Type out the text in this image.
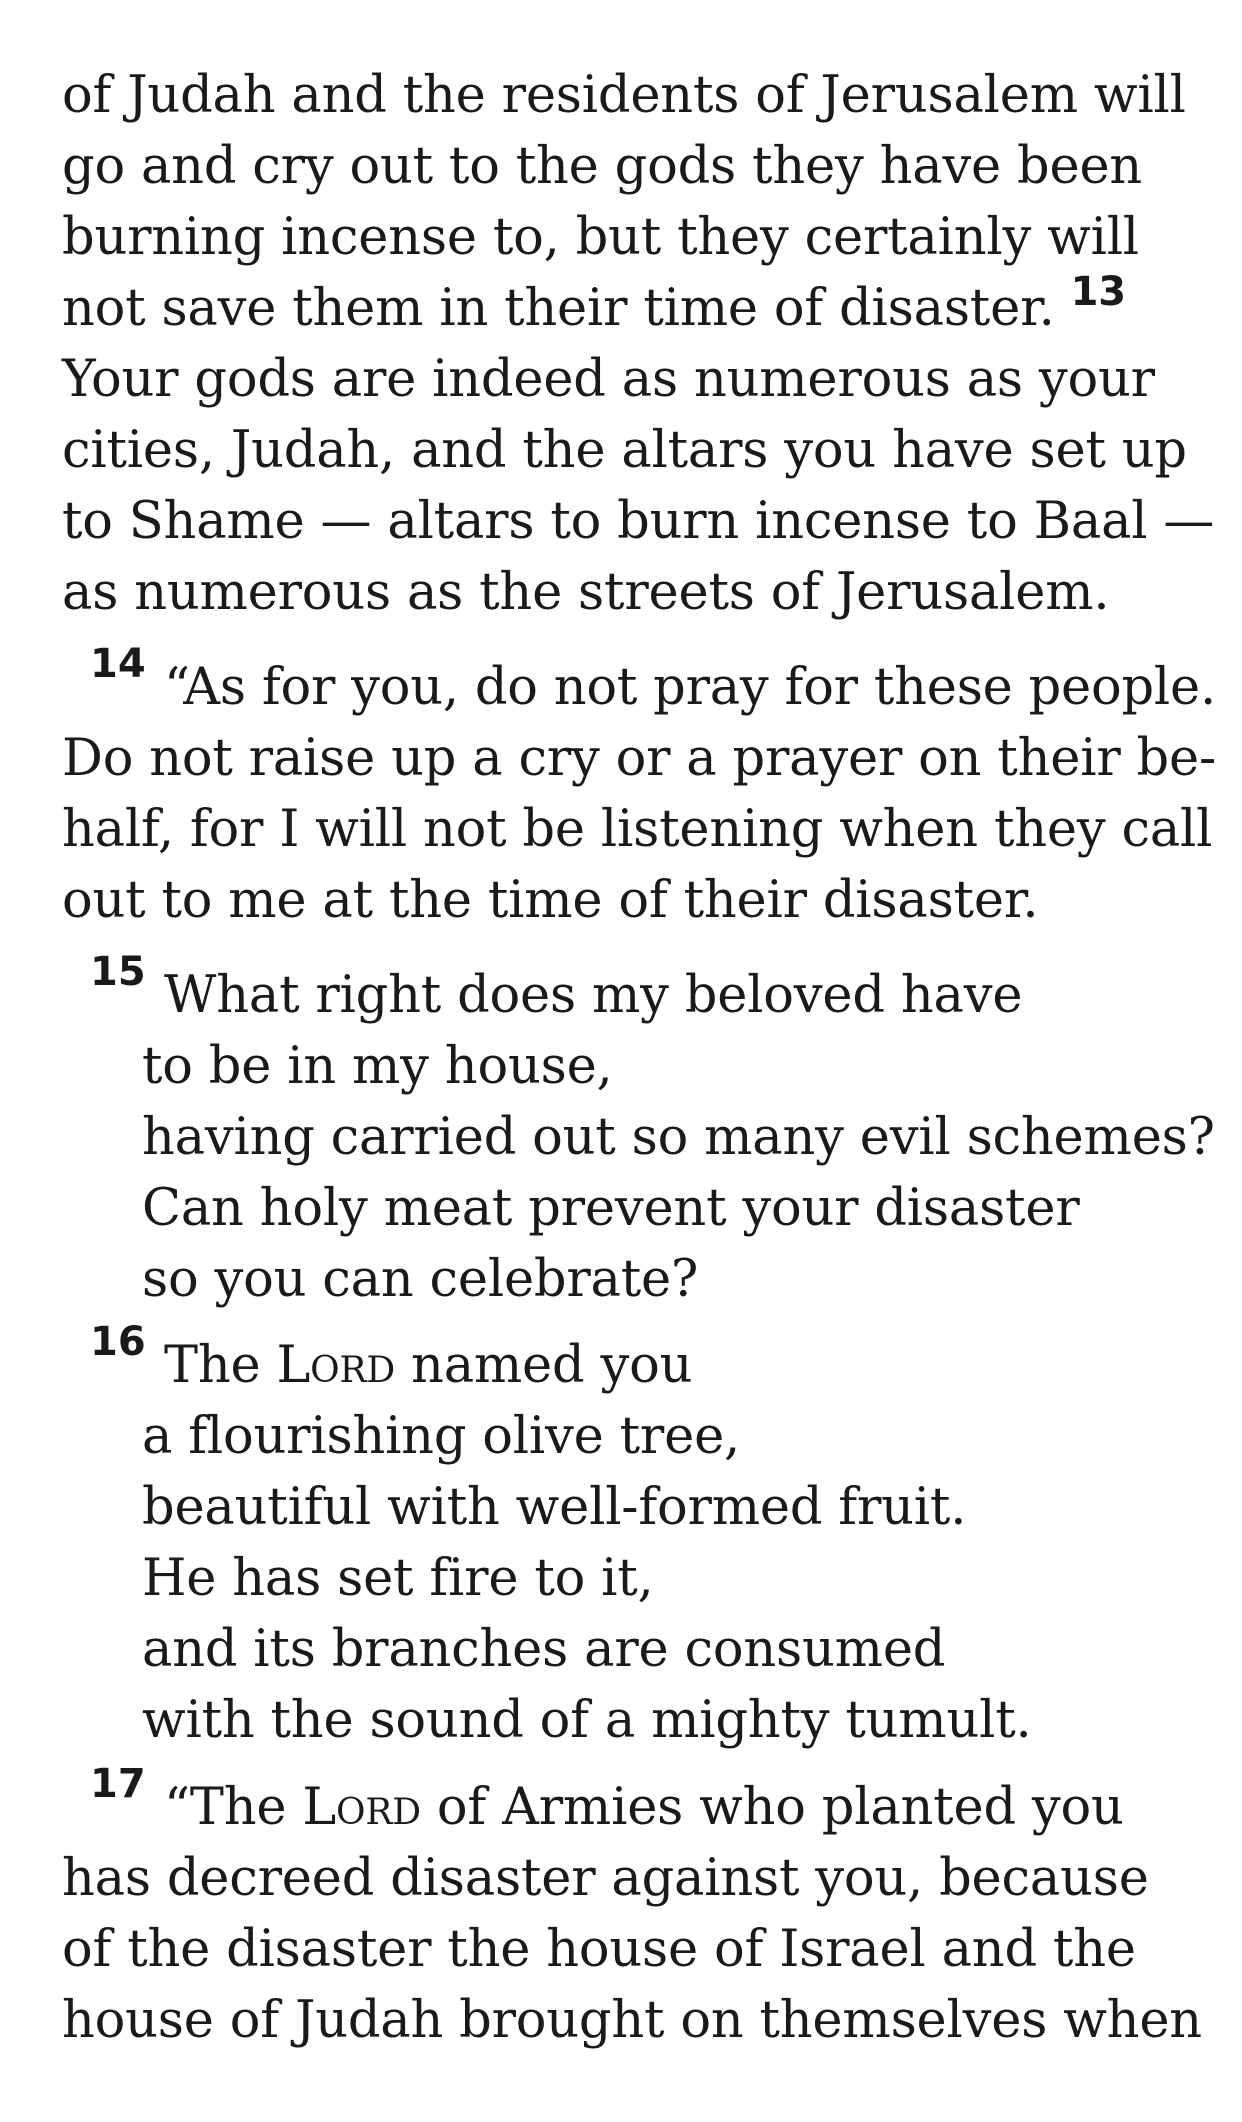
of Judah and the residents of Jerusalem will
go and cry out to the gods they have been
burning incense to, but they certainly will
not save them in their time of disaster. $^{13}$
Your gods are indeed as numerous as your
cities, Judah, and the altars you have set up
to Shame — altars to burn incense to Baal —
as numerous as the streets of Jerusalem.
14 “As for you, do not pray for these people.
Do not raise up a cry or a prayer on their be-
half, for I will not be listening when they call
out to me at the time of their disaster.
15 What right does my beloved have
to be in my house,
having carried out so many evil schemes?
Can holy meat prevent your disaster
so you can celebrate?
16 The Lord named you
a flourishing olive tree,
beautiful with well-formed fruit.
He has set fire to it,
and its branches are consumed
with the sound of a mighty tumult.
17 “The Lord of Armies who planted you
has decreed disaster against you, because
of the disaster the house of Israel and the
house of Judah brought on themselves when
